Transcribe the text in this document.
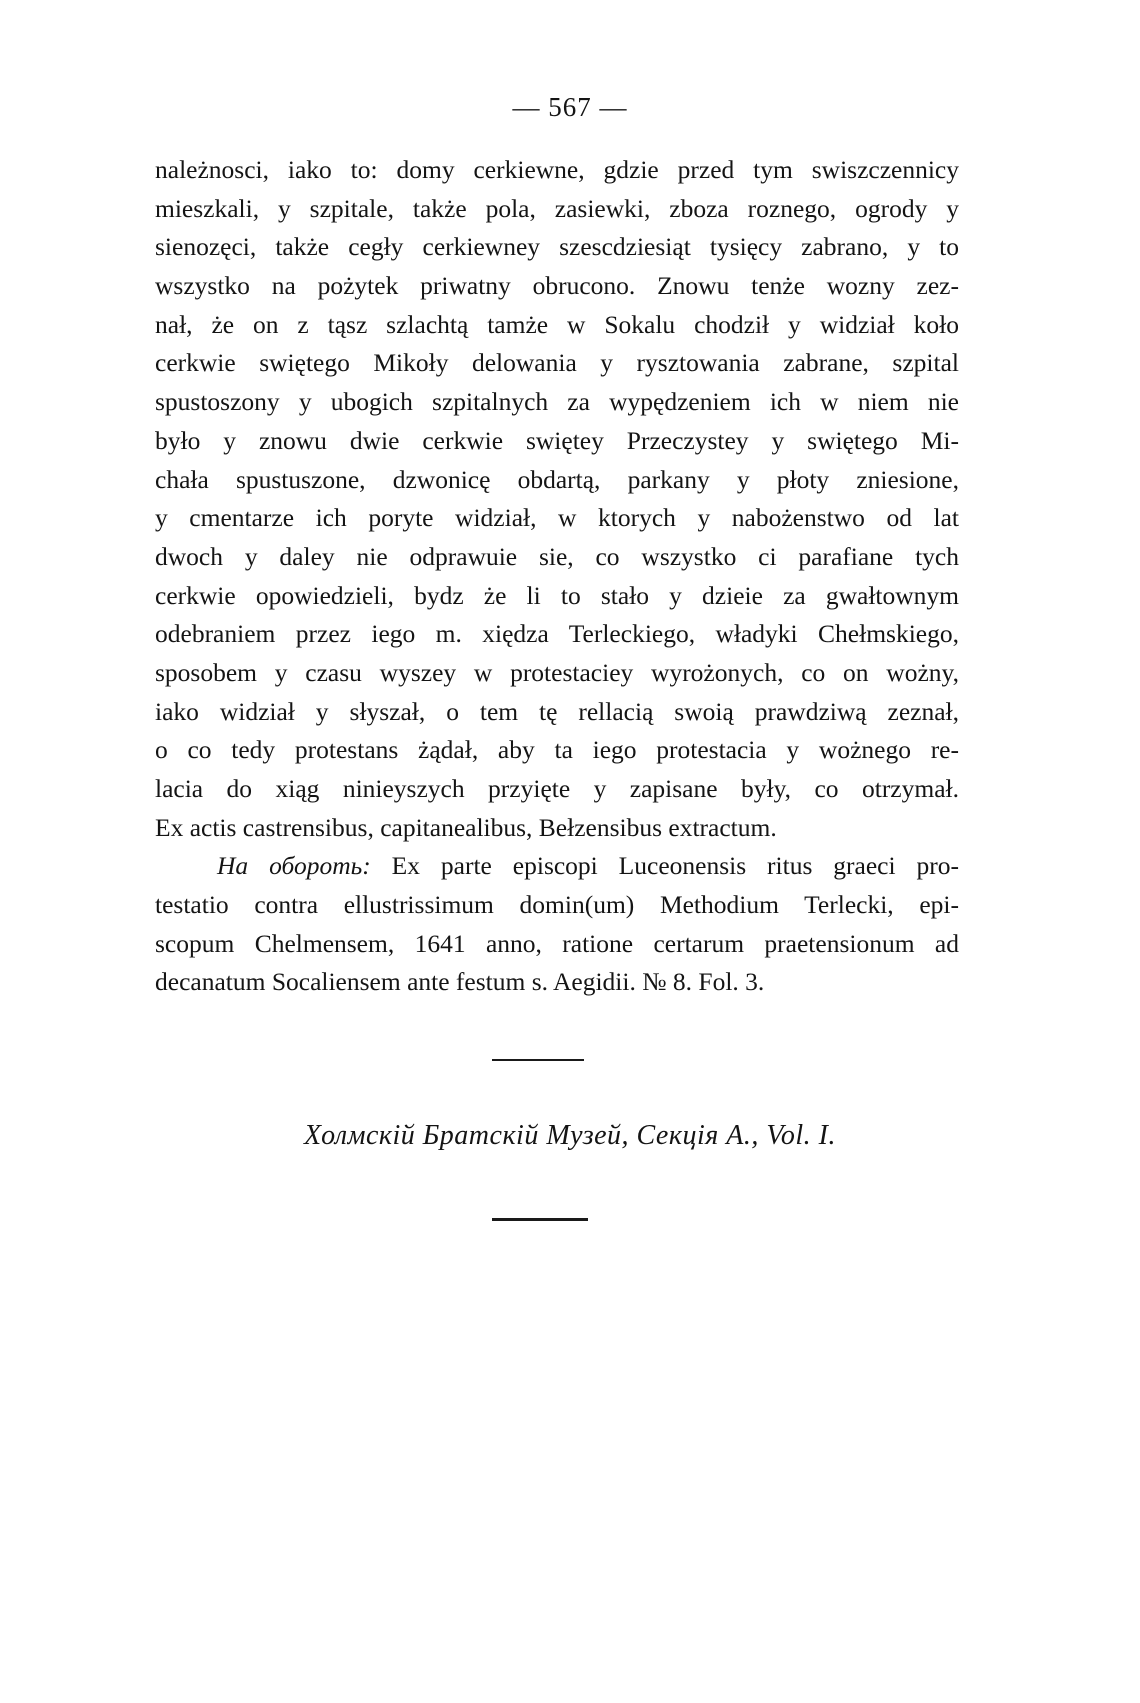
— 567 —
należnosci, iako to: domy cerkiewne, gdzie przed tym swiszczennicy
mieszkali, y szpitale, także pola, zasiewki, zboza roznego, ogrody y
sienozęci, także cegły cerkiewney szescdziesiąt tysięcy zabrano, y to
wszystko na pożytek priwatny obrucono. Znowu tenże wozny zez-
nał, że on z tąsz szlachtą tamże w Sokalu chodził y widział koło
cerkwie swiętego Mikoły delowania y rysztowania zabrane, szpital
spustoszony y ubogich szpitalnych za wypędzeniem ich w niem nie
było y znowu dwie cerkwie swiętey Przeczystey y swiętego Mi-
chała spustuszone, dzwonicę obdartą, parkany y płoty zniesione,
y cmentarze ich poryte widział, w ktorych y nabożenstwo od lat
dwoch y daley nie odprawuie sie, co wszystko ci parafiane tych
cerkwie opowiedzieli, bydz że li to stało y dzieie za gwałtownym
odebraniem przez iego m. xiędza Terleckiego, władyki Chełmskiego,
sposobem y czasu wyszey w protestaciey wyrożonych, co on wożny,
iako widział y słyszał, o tem tę rellacią swoią prawdziwą zeznał,
o co tedy protestans żądał, aby ta iego protestacia y wożnego re-
lacia do xiąg ninieyszych przyięte y zapisane były, co otrzymał.
Ex actis castrensibus, capitanealibus, Bełzensibus extractum.
На обороть: Ex parte episcopi Luceonensis ritus graeci pro-
testatio contra ellustrissimum domin(um) Methodium Terlecki, epi-
scopum Chelmensem, 1641 anno, ratione certarum praetensionum ad
decanatum Socaliensem ante festum s. Aegidii. № 8. Fol. 3.
Холмскій Братскій Музей, Секція А., Vol. I.
